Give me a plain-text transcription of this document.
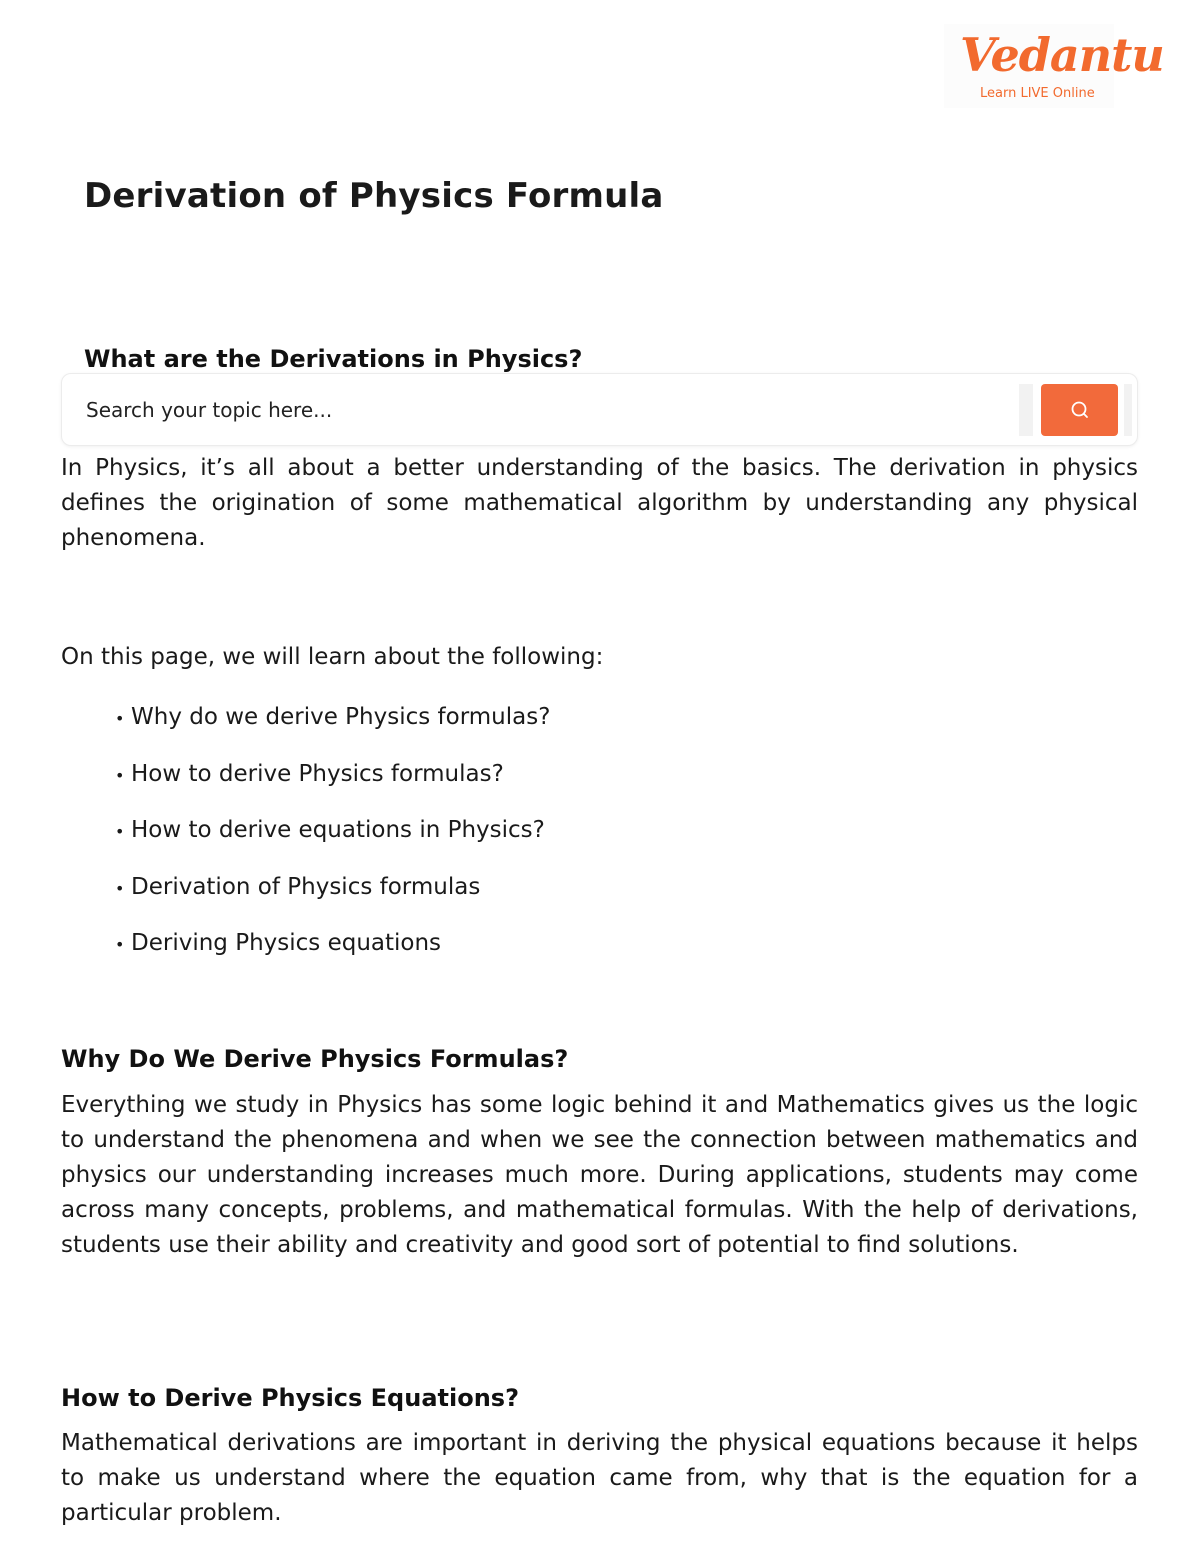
Vedantu
Learn LIVE Online
Derivation of Physics Formula
What are the Derivations in Physics?
Search your topic here...

In Physics, it’s all about a better understanding of the basics. The derivation in physics defines the origination of some mathematical algorithm by understanding any physical phenomena.

On this page, we will learn about the following:

• Why do we derive Physics formulas?
• How to derive Physics formulas?
• How to derive equations in Physics?
• Derivation of Physics formulas
• Deriving Physics equations
Why Do We Derive Physics Formulas?

Everything we study in Physics has some logic behind it and Mathematics gives us the logic to understand the phenomena and when we see the connection between mathematics and physics our understanding increases much more. During applications, students may come across many concepts, problems, and mathematical formulas. With the help of derivations, students use their ability and creativity and good sort of potential to find solutions.

How to Derive Physics Equations?

Mathematical derivations are important in deriving the physical equations because it helps to make us understand where the equation came from, why that is the equation for a particular problem.
